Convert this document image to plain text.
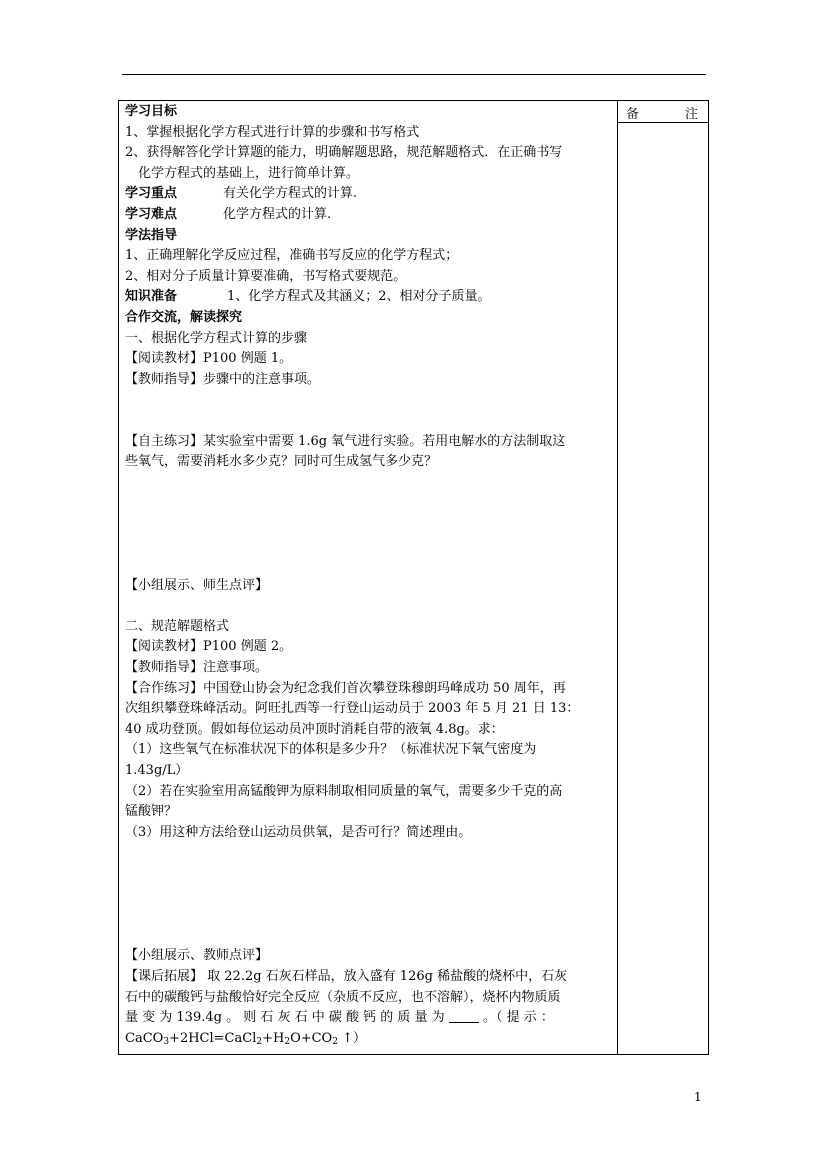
备	注
学习目标
1、掌握根据化学方程式进行计算的步骤和书写格式
2、获得解答化学计算题的能力，明确解题思路，规范解题格式．在正确书写
化学方程式的基础上，进行简单计算。
学习重点	有关化学方程式的计算.
学习难点	化学方程式的计算.
学法指导
1、正确理解化学反应过程，准确书写反应的化学方程式；
2、相对分子质量计算要准确，书写格式要规范。
知识准备	1、化学方程式及其涵义；2、相对分子质量。
合作交流，解读探究
一、根据化学方程式计算的步骤
【阅读教材】P100 例题 1。
【教师指导】步骤中的注意事项。
【自主练习】某实验室中需要 1.6g 氧气进行实验。若用电解水的方法制取这
些氧气，需要消耗水多少克？同时可生成氢气多少克？
【小组展示、师生点评】
二、规范解题格式
【阅读教材】P100 例题 2。
【教师指导】注意事项。
【合作练习】中国登山协会为纪念我们首次攀登珠穆朗玛峰成功 50 周年，再
次组织攀登珠峰活动。阿旺扎西等一行登山运动员于 2003 年 5 月 21 日 13：
40 成功登顶。假如每位运动员冲顶时消耗自带的液氧 4.8g。求：
（1）这些氧气在标准状况下的体积是多少升？（标准状况下氧气密度为
1.43g/L）
（2）若在实验室用高锰酸钾为原料制取相同质量的氧气，需要多少千克的高
锰酸钾？
（3）用这种方法给登山运动员供氧，是否可行？简述理由。
【小组展示、教师点评】
【课后拓展】 取 22.2g 石灰石样品，放入盛有 126g 稀盐酸的烧杯中，石灰
石中的碳酸钙与盐酸恰好完全反应（杂质不反应，也不溶解），烧杯内物质质
量 变 为 139.4g 。 则 石 灰 石 中 碳 酸 钙 的 质 量 为	。（ 提 示 ：
$CaCO_3+2HCl=CaCl_2+H_2O+CO_2$ ↑）
1
